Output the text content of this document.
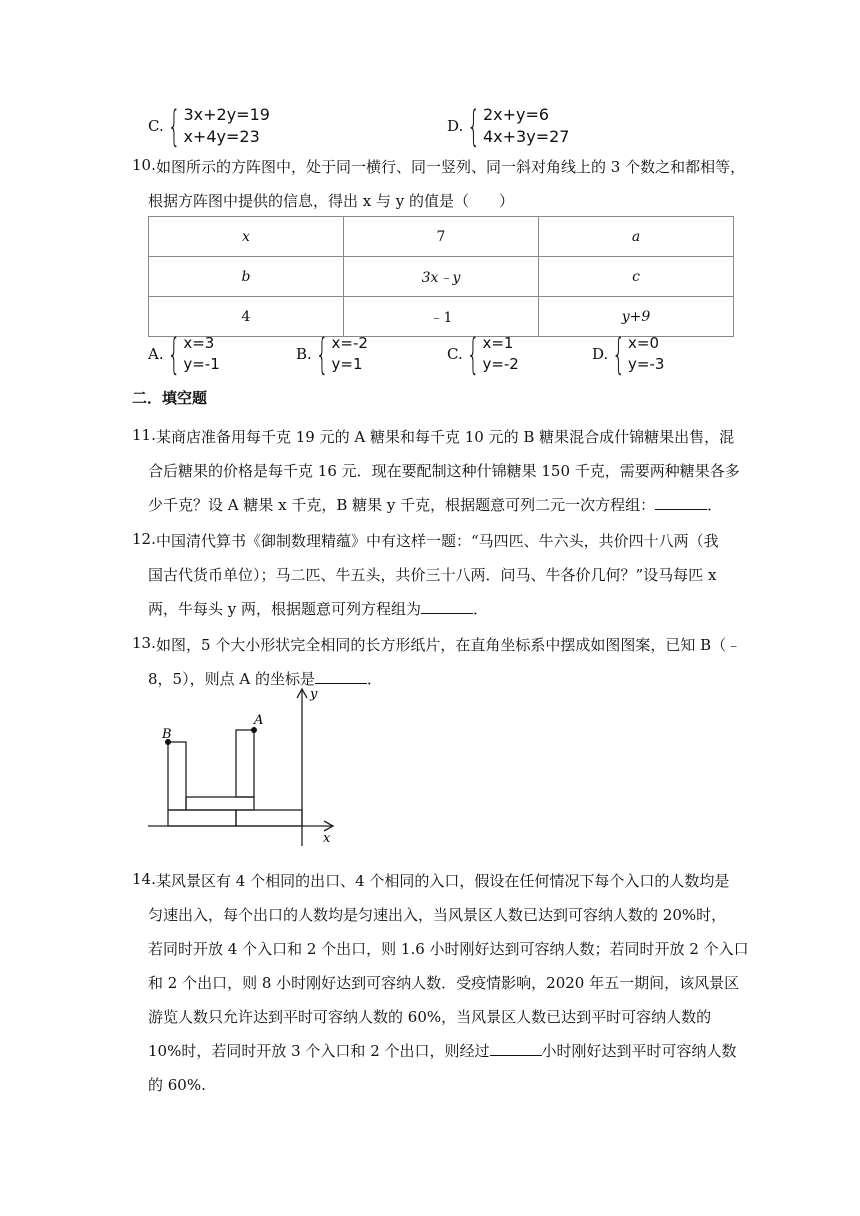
C. { 3x+2y=19
x+4y=23
D. { 2x+y=6
4x+3y=27
10. 如图所示的方阵图中，处于同一横行、同一竖列、同一斜对角线上的 3 个数之和都相等，
根据方阵图中提供的信息，得出 x 与 y 的值是（　　）
x	7	a
b	3x﹣y	c
4	﹣1	y+9
A. { x=3
y=-1
B. { x=-2
y=1
C. { x=1
y=-2
D. { x=0
y=-3
二．填空题
11. 某商店准备用每千克 19 元的 A 糖果和每千克 10 元的 B 糖果混合成什锦糖果出售，混
合后糖果的价格是每千克 16 元．现在要配制这种什锦糖果 150 千克，需要两种糖果各多
少千克？设 A 糖果 x 千克，B 糖果 y 千克，根据题意可列二元一次方程组：	．
12. 中国清代算书《御制数理精蕴》中有这样一题：“马四匹、牛六头，共价四十八两（我
国古代货币单位）；马二匹、牛五头，共价三十八两．问马、牛各价几何？”设马每匹 x
两，牛每头 y 两，根据题意可列方程组为	．
13. 如图，5 个大小形状完全相同的长方形纸片，在直角坐标系中摆成如图图案，已知 B（﹣
8，5），则点 A 的坐标是	．
B
A
x
y
14. 某风景区有 4 个相同的出口、4 个相同的入口，假设在任何情况下每个入口的人数均是
匀速出入，每个出口的人数均是匀速出入，当风景区人数已达到可容纳人数的 20%时，
若同时开放 4 个入口和 2 个出口，则 1.6 小时刚好达到可容纳人数；若同时开放 2 个入口
和 2 个出口，则 8 小时刚好达到可容纳人数．受疫情影响，2020 年五一期间，该风景区
游览人数只允许达到平时可容纳人数的 60%，当风景区人数已达到平时可容纳人数的
10%时，若同时开放 3 个入口和 2 个出口，则经过	小时刚好达到平时可容纳人数
的 60%.
